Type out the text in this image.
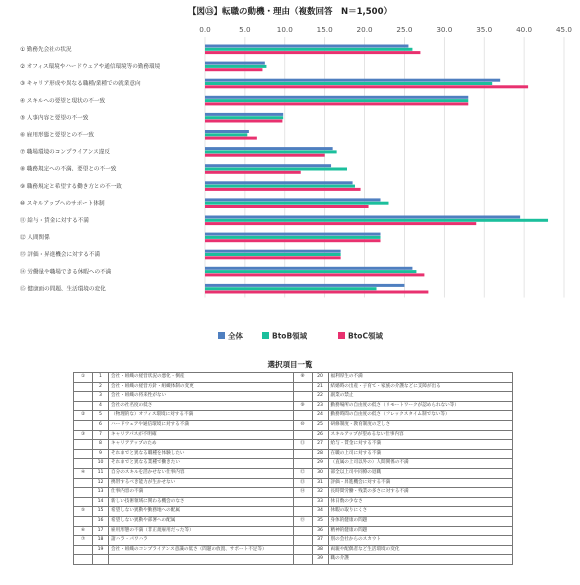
【図⑬】転職の動機・理由（複数回答　N＝1,500）
0.0	5.0	10.0	15.0	20.0	25.0	30.0	35.0	40.0	45.0
① 勤務先会社の状況
② オフィス環境やハードウェアや通信環境等の勤務環境
③ キャリア形成や異なる職種/業種での就業意向
④ スキルへの要望と現状の不一致
⑤ 人事内容と要望の不一致
⑥ 雇用形態と要望との不一致
⑦ 職場環境のコンプライアンス違反
⑧ 職務規定への不満、要望との不一致
⑨ 職務規定と希望する働き方との不一致
⑩ スキルアップへのサポート体制
⑪ 給与・賃金に対する不満
⑫ 人間関係
⑬ 評価・昇進機会に対する不満
⑭ 労働量や職場できる休暇への不満
⑮ 健康面の問題、生活環境の変化
全体	BtoB領域	BtoC領域
選択項目一覧
①	1	会社・組織の経営状況の悪化・倒産	⑧	20	福利厚生の不満
	2	会社・組織の経営方針・組織体制の変更		21	結婚時の出産・子育て・家族の介護などに支障が出る
	3	会社・組織の将来性がない		22	副業の禁止
	4	会社の社名度の低さ	⑨	23	勤務場所の自由度の低さ（リモートワークが認められない等）
②	5	（物理的な）オフィス環境に対する不満		24	勤務時間の自由度の低さ（フレックスタイム制でない等）
	6	ハードウェアや通信環境に対する不満	⑩	25	研修制度・教育制度の乏しさ
③	7	キャリアパスが不明確		26	スキルアップが望めるない仕事内容
	8	キャリアアップのため	⑪	27	給与・賃金に対する不満
	9	それまでと異なる職種を体験したい		28	在職の上司に対する不満
	10	それまでと異なる業種で働きたい		29	（直属の上司以外の）人間関係の不満
④	11	自分のスキルを活かせない仕事内容	⑫	30	部全以上司や同僚の退職
	12	携帯するべき能力が生かせない	⑬	31	評価・昇進機会に対する不満
	13	仕事内容の不満	⑭	32	長時間労働・残業の多さに対する不満
	14	新しい技術領域に関わる機会のなさ		33	休日数の少なさ
⑤	15	希望しない異動や勤務地への配属		34	休暇の取りにくさ
	16	希望しない異動や部署への配属	⑮	35	身体的健康の問題
⑥	17	雇用形態の不満（非正規雇用だった等）		36	精神的健康の問題
⑦	18	諸ハラ・パワハラ		37	別の会社からのスカウト
	19	会社・組織のコンプライアンス意識の低さ（問題の放置、サポート不足等）		38	両親や配偶者など生活環境の変化
				39	職の介護
